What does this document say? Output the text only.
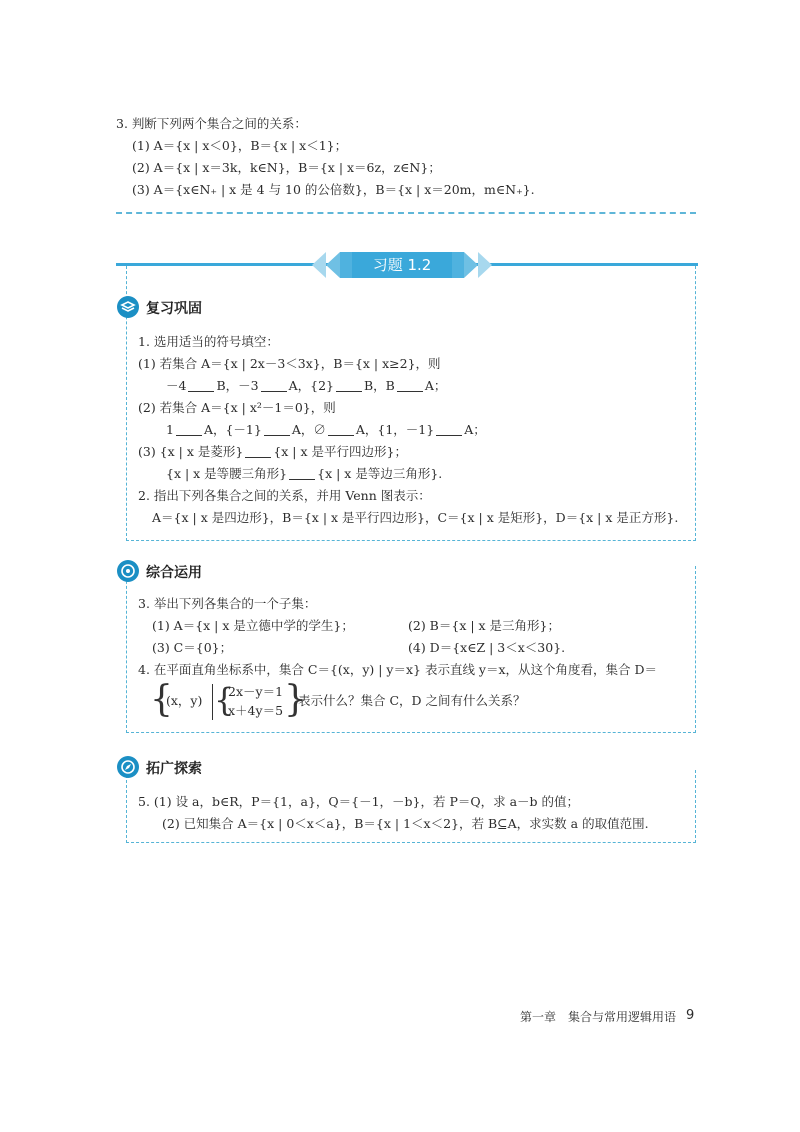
3. 判断下列两个集合之间的关系：
(1) A＝{x | x＜0}，B＝{x | x＜1}；
(2) A＝{x | x＝3k，k∈N}，B＝{x | x＝6z，z∈N}；
(3) A＝{x∈N₊ | x 是 4 与 10 的公倍数}，B＝{x | x＝20m，m∈N₊}.
习题 1.2
复习巩固
1. 选用适当的符号填空：
(1) 若集合 A＝{x | 2x－3＜3x}，B＝{x | x≥2}，则
－4 B，－3 A，{2} B，B A；
(2) 若集合 A＝{x | x²－1＝0}，则
1 A，{－1} A，∅ A，{1，－1} A；
(3) {x | x 是菱形} {x | x 是平行四边形}；
{x | x 是等腰三角形} {x | x 是等边三角形}.
2. 指出下列各集合之间的关系，并用 Venn 图表示：
A＝{x | x 是四边形}，B＝{x | x 是平行四边形}，C＝{x | x 是矩形}，D＝{x | x 是正方形}.
综合运用
3. 举出下列各集合的一个子集：
(1) A＝{x | x 是立德中学的学生}；	(2) B＝{x | x 是三角形}；
(3) C＝{0}；	(4) D＝{x∈Z | 3＜x＜30}.
4. 在平面直角坐标系中，集合 C＝{(x，y) | y＝x} 表示直线 y＝x，从这个角度看，集合 D＝
{
(x，y) {
2x－y＝1
x＋4y＝5 }
表示什么？集合 C，D 之间有什么关系？
拓广探索
5. (1) 设 a，b∈R，P＝{1，a}，Q＝{－1，－b}，若 P＝Q，求 a－b 的值；
(2) 已知集合 A＝{x | 0＜x＜a}，B＝{x | 1＜x＜2}，若 B⊆A，求实数 a 的取值范围.
第一章　集合与常用逻辑用语 9
